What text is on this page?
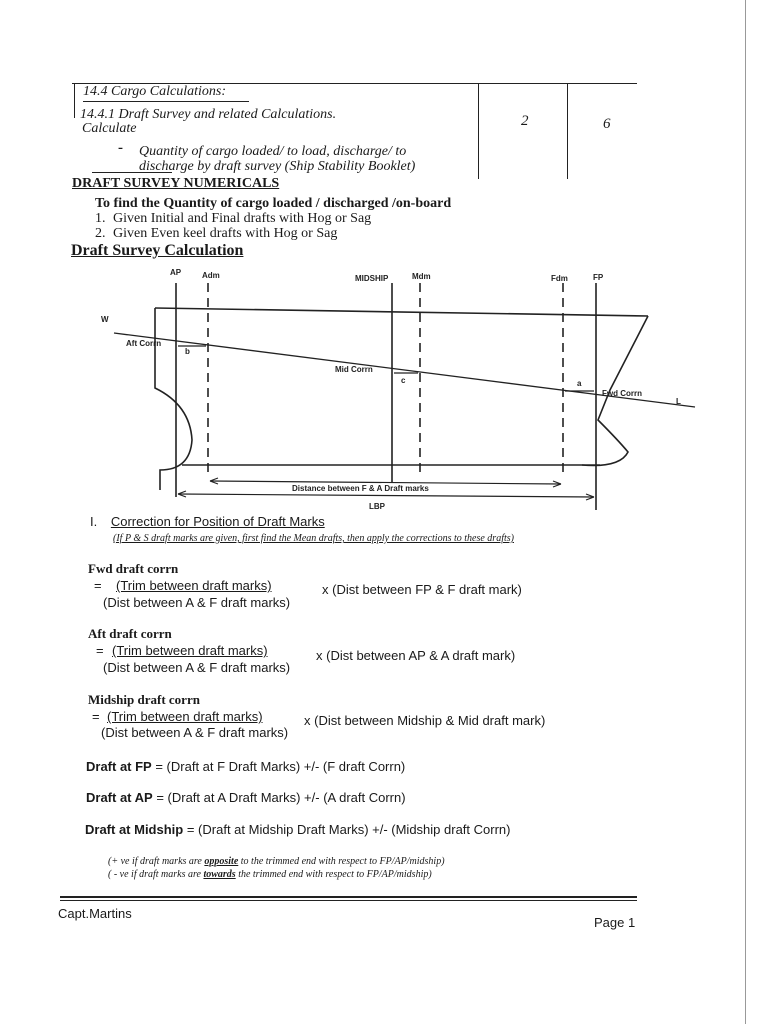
14.4 Cargo Calculations:
14.4.1 Draft Survey and related Calculations.
Calculate	2	6
- Quantity of cargo loaded/ to load, discharge/ to
discharge by draft survey (Ship Stability Booklet)
DRAFT SURVEY NUMERICALS
To find the Quantity of cargo loaded / discharged /on-board
1. Given Initial and Final drafts with Hog or Sag
2. Given Even keel drafts with Hog or Sag
Draft Survey Calculation
AP	Adm	MIDSHIP	Mdm	Fdm	FP
W
L
Aft Corrn
b
Mid Corrn
c	a
Fwd Corrn
Distance between F & A Draft marks
LBP
I. Correction for Position of Draft Marks
(If P & S draft marks are given, first find the Mean drafts, then apply the corrections to these drafts)
Fwd draft corrn
= (Trim between draft marks)	x (Dist between FP & F draft mark)
(Dist between A & F draft marks)
Aft draft corrn
= (Trim between draft marks)	x (Dist between AP & A draft mark)
(Dist between A & F draft marks)
Midship draft corrn
= (Trim between draft marks)	x (Dist between Midship & Mid draft mark)
(Dist between A & F draft marks)
Draft at FP = (Draft at F Draft Marks) +/- (F draft Corrn)
Draft at AP = (Draft at A Draft Marks) +/- (A draft Corrn)
Draft at Midship = (Draft at Midship Draft Marks) +/- (Midship draft Corrn)
(+ ve if draft marks are opposite to the trimmed end with respect to FP/AP/midship)
( - ve if draft marks are towards the trimmed end with respect to FP/AP/midship)
Capt.Martins
Page 1
